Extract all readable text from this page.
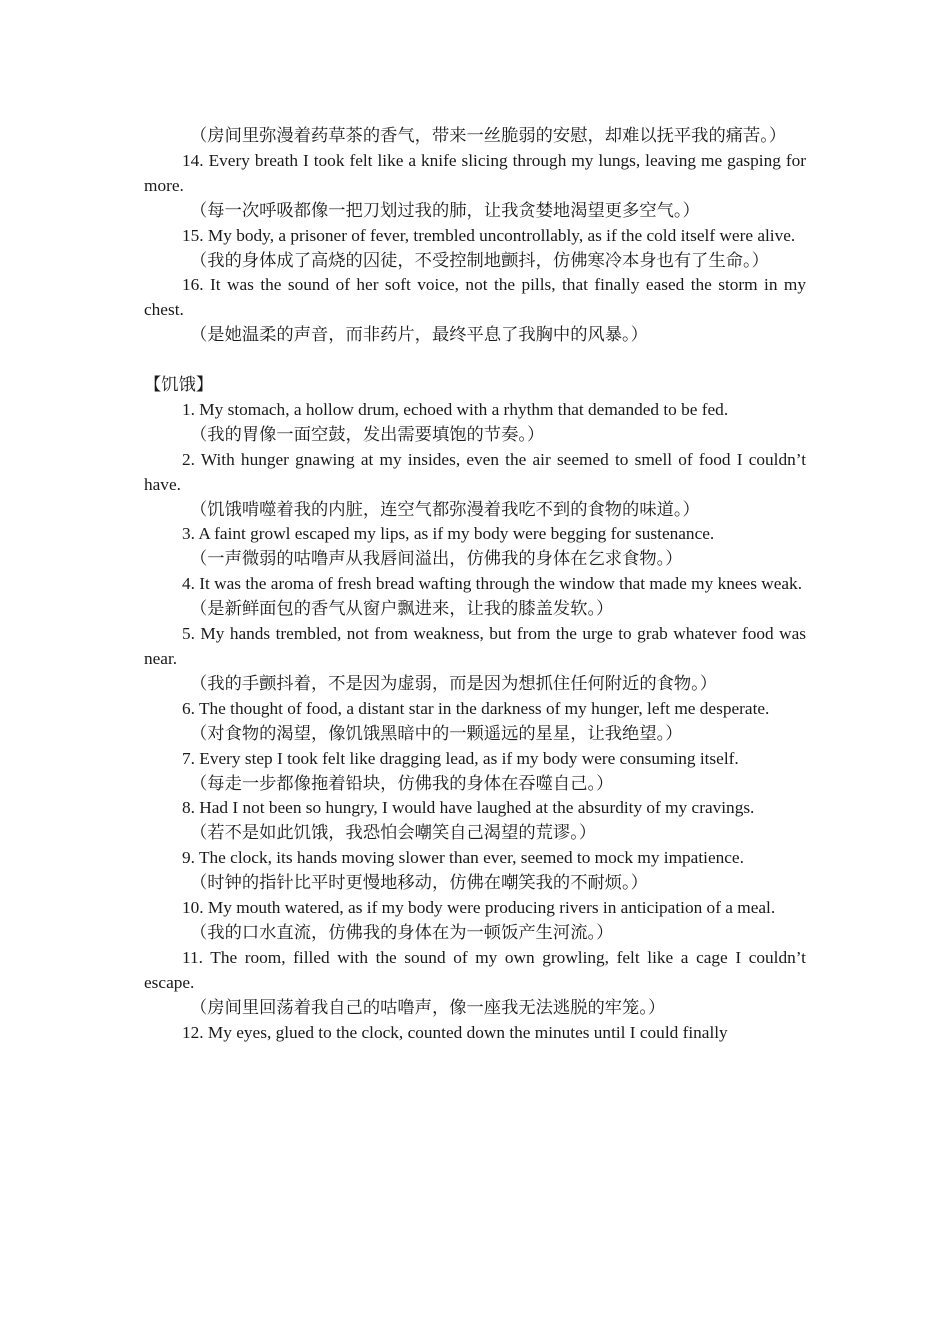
（房间里弥漫着药草茶的香气，带来一丝脆弱的安慰，却难以抚平我的痛苦。）

14. Every breath I took felt like a knife slicing through my lungs, leaving me gasping for more.

（每一次呼吸都像一把刀划过我的肺，让我贪婪地渴望更多空气。）

15. My body, a prisoner of fever, trembled uncontrollably, as if the cold itself were alive.

（我的身体成了高烧的囚徒，不受控制地颤抖，仿佛寒冷本身也有了生命。）

16. It was the sound of her soft voice, not the pills, that finally eased the storm in my chest.

（是她温柔的声音，而非药片，最终平息了我胸中的风暴。）

【饥饿】

1. My stomach, a hollow drum, echoed with a rhythm that demanded to be fed.

（我的胃像一面空鼓，发出需要填饱的节奏。）

2. With hunger gnawing at my insides, even the air seemed to smell of food I couldn’t have.

（饥饿啃噬着我的内脏，连空气都弥漫着我吃不到的食物的味道。）

3. A faint growl escaped my lips, as if my body were begging for sustenance.

（一声微弱的咕噜声从我唇间溢出，仿佛我的身体在乞求食物。）

4. It was the aroma of fresh bread wafting through the window that made my knees weak.

（是新鲜面包的香气从窗户飘进来，让我的膝盖发软。）

5. My hands trembled, not from weakness, but from the urge to grab whatever food was near.

（我的手颤抖着，不是因为虚弱，而是因为想抓住任何附近的食物。）

6. The thought of food, a distant star in the darkness of my hunger, left me desperate.

（对食物的渴望，像饥饿黑暗中的一颗遥远的星星，让我绝望。）

7. Every step I took felt like dragging lead, as if my body were consuming itself.

（每走一步都像拖着铅块，仿佛我的身体在吞噬自己。）

8. Had I not been so hungry, I would have laughed at the absurdity of my cravings.

（若不是如此饥饿，我恐怕会嘲笑自己渴望的荒谬。）

9. The clock, its hands moving slower than ever, seemed to mock my impatience.

（时钟的指针比平时更慢地移动，仿佛在嘲笑我的不耐烦。）

10. My mouth watered, as if my body were producing rivers in anticipation of a meal.

（我的口水直流，仿佛我的身体在为一顿饭产生河流。）

11. The room, filled with the sound of my own growling, felt like a cage I couldn’t escape.

（房间里回荡着我自己的咕噜声，像一座我无法逃脱的牢笼。）

12. My eyes, glued to the clock, counted down the minutes until I could finally
